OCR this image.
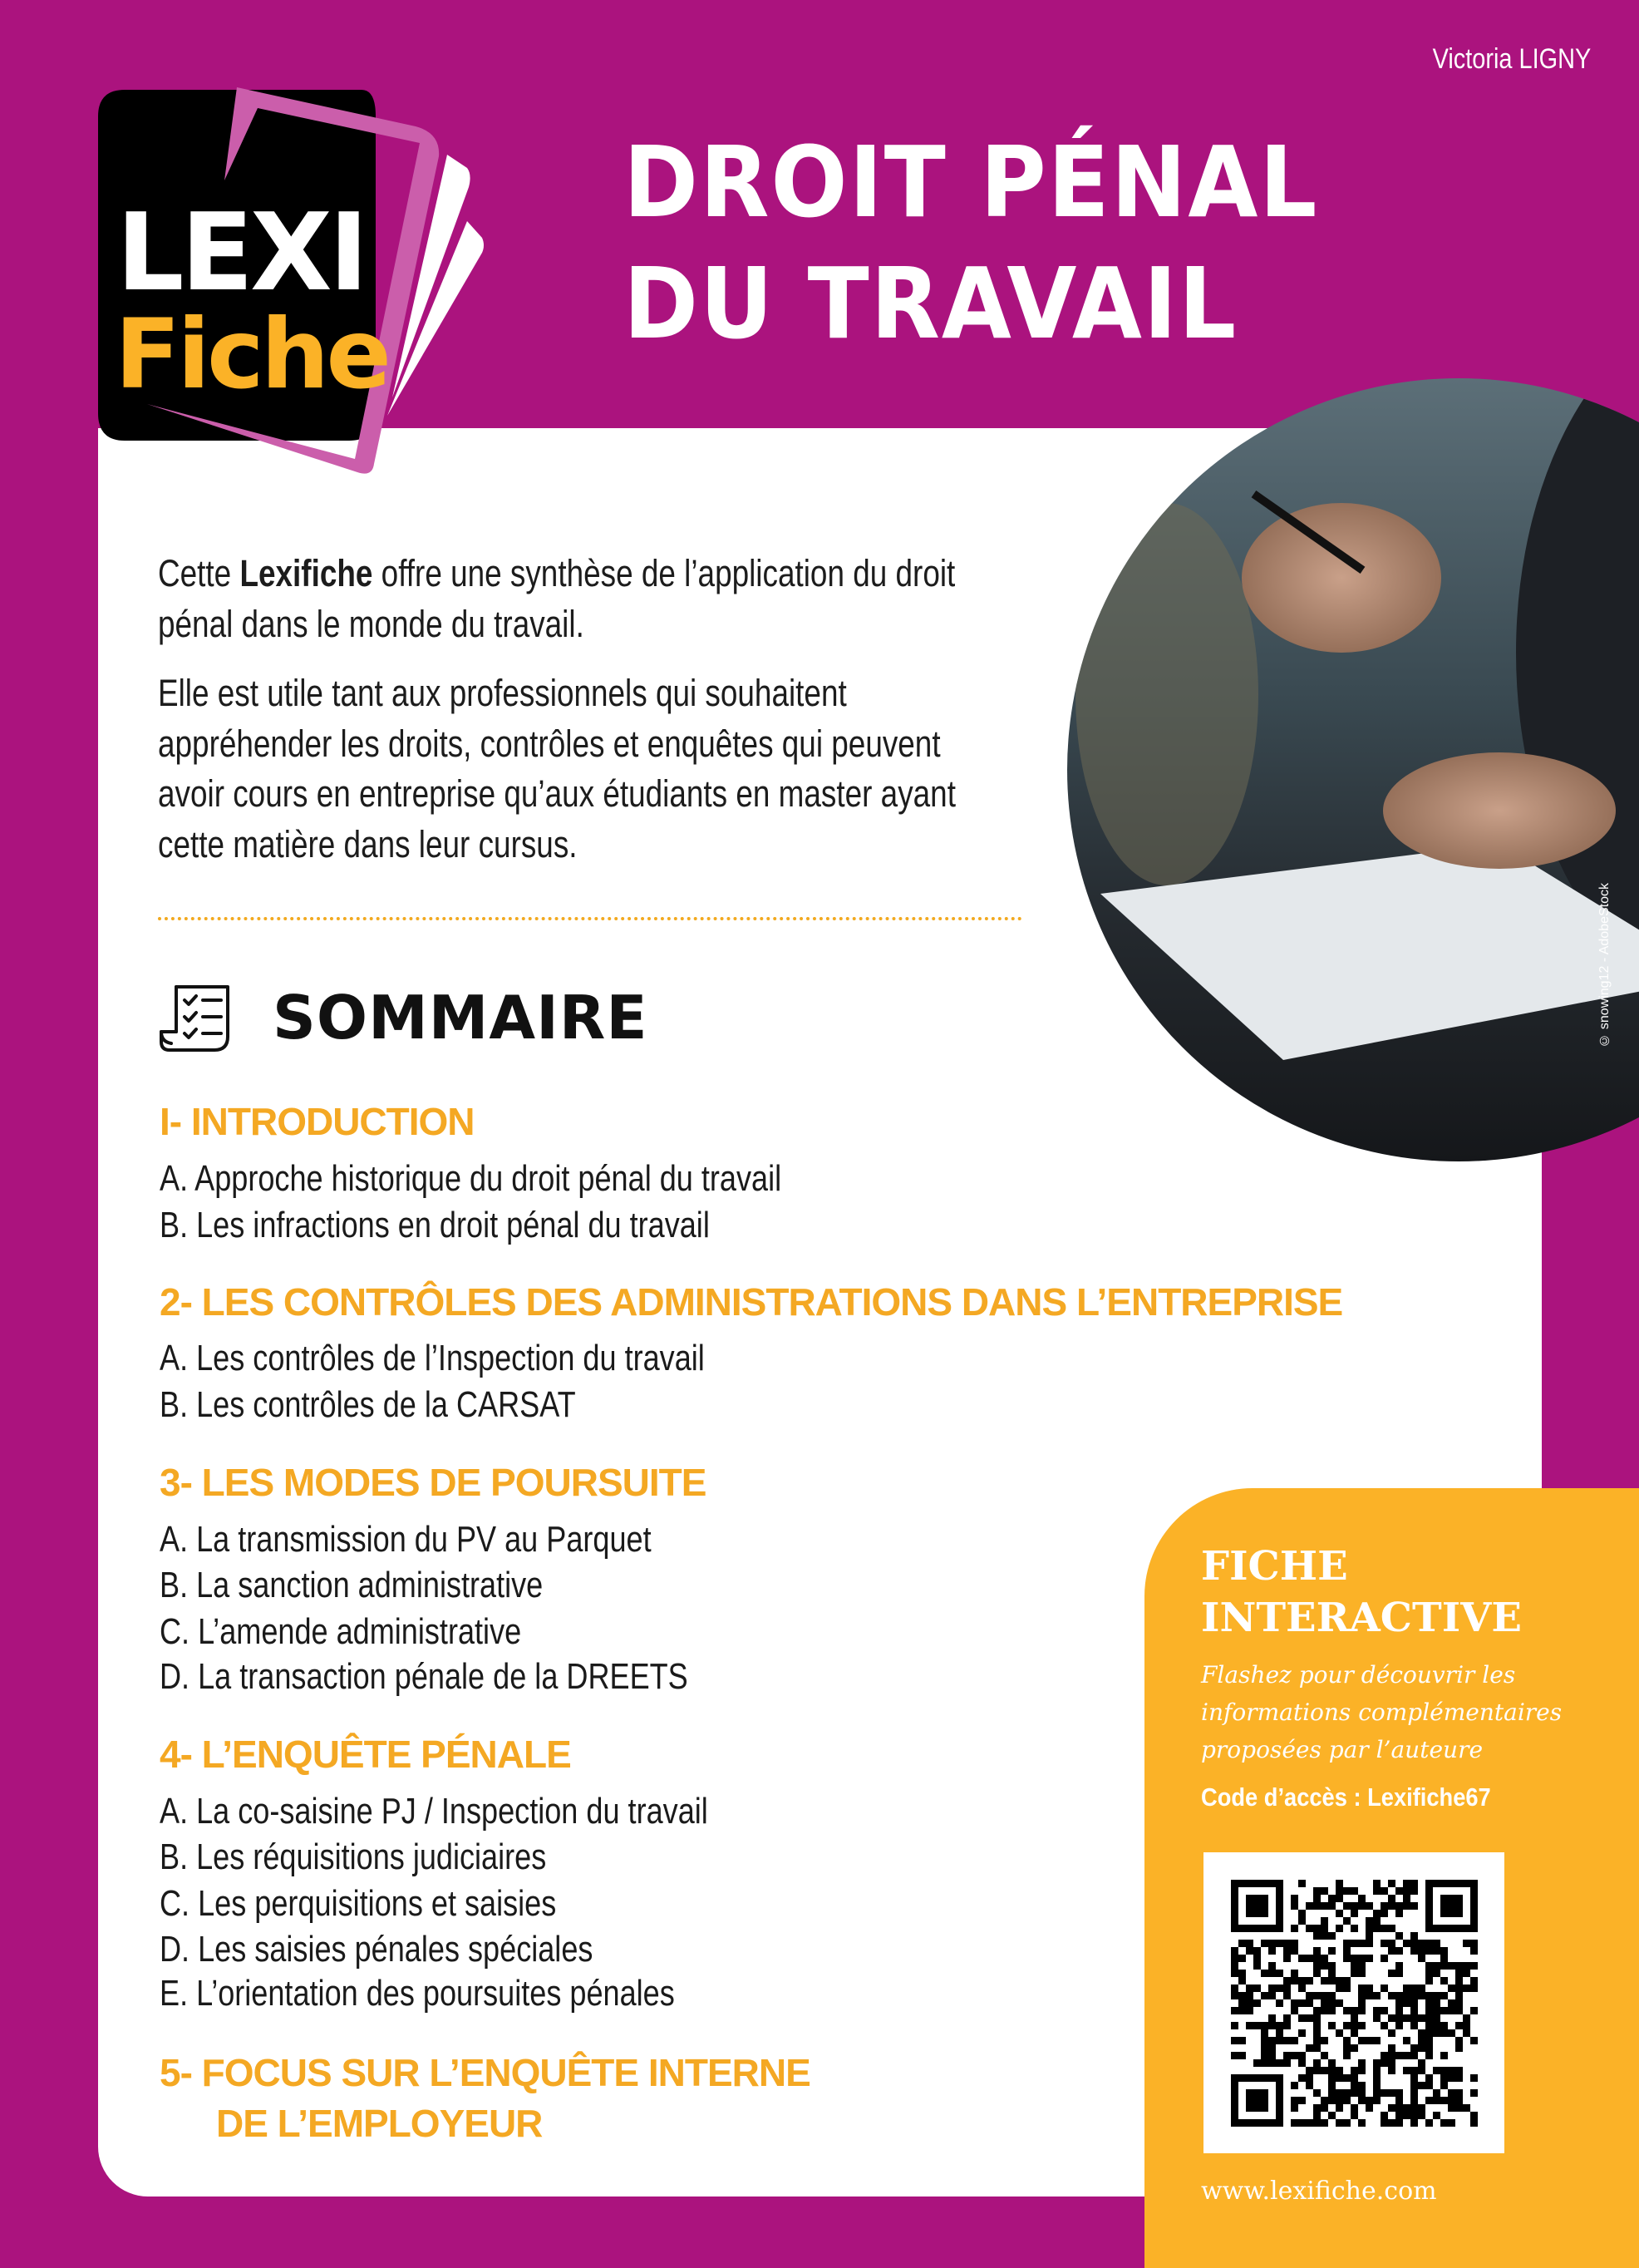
Victoria LIGNY
LEXI
Fiche
DROIT PÉNAL
DU TRAVAIL
© snowing12 - AdobeStock
Cette Lexifiche offre une synthèse de l’application du droit
pénal dans le monde du travail.
Elle est utile tant aux professionnels qui souhaitent
appréhender les droits, contrôles et enquêtes qui peuvent
avoir cours en entreprise qu’aux étudiants en master ayant
cette matière dans leur cursus.
SOMMAIRE
I- INTRODUCTION
A. Approche historique du droit pénal du travail
B. Les infractions en droit pénal du travail
2- LES CONTRÔLES DES ADMINISTRATIONS DANS L’ENTREPRISE
A. Les contrôles de l’Inspection du travail
B. Les contrôles de la CARSAT
3- LES MODES DE POURSUITE
A. La transmission du PV au Parquet
B. La sanction administrative
C. L’amende administrative
D. La transaction pénale de la DREETS
4- L’ENQUÊTE PÉNALE
A. La co-saisine PJ / Inspection du travail
B. Les réquisitions judiciaires
C. Les perquisitions et saisies
D. Les saisies pénales spéciales
E. L’orientation des poursuites pénales
5- FOCUS SUR L’ENQUÊTE INTERNE
DE L’EMPLOYEUR
FICHE
INTERACTIVE
Flashez pour découvrir les
informations complémentaires
proposées par l’auteure
Code d’accès : Lexifiche67
www.lexifiche.com
